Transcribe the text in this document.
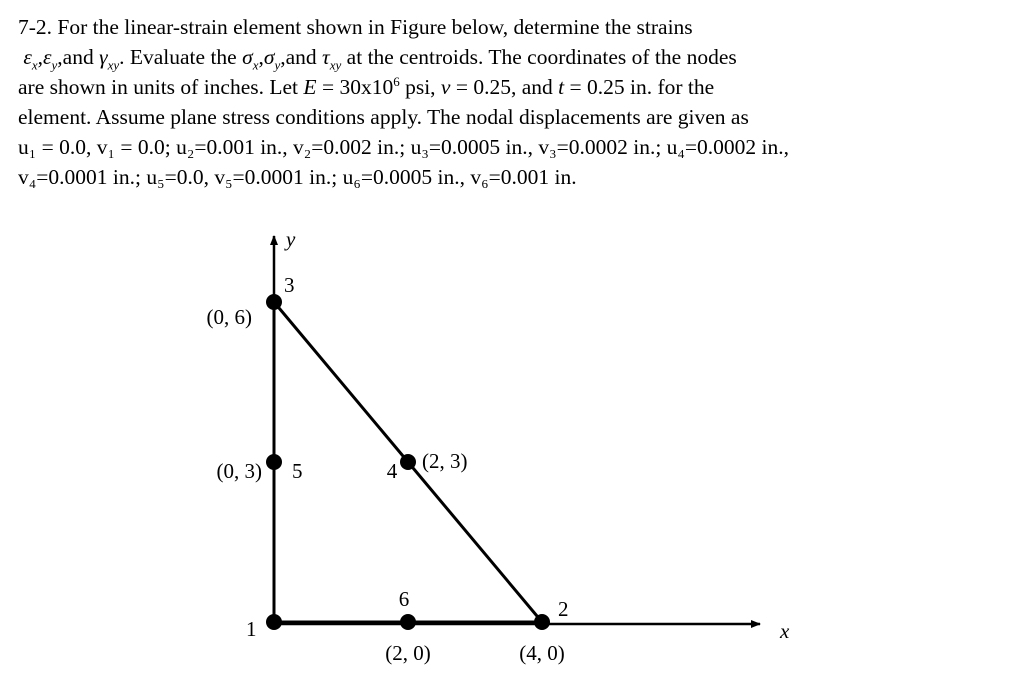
7-2. For the linear-strain element shown in Figure below, determine the strains

$\varepsilon_x,\varepsilon_y,and$ $\gamma_{xy}$. Evaluate the $\sigma_x,\sigma_y,and$ $\tau_{xy}$ at the centroids. The coordinates of the nodes

are shown in units of inches. Let $E = 30x10^6$ psi, v = 0.25, and t = 0.25 in. for the

element. Assume plane stress conditions apply. The nodal displacements are given as

u₁ = 0.0, v₁ = 0.0; u₂=0.001 in., v₂=0.002 in.; u₃=0.0005 in., v₃=0.0002 in.; u₄=0.0002 in.,

v₄=0.0001 in.; u₅=0.0, v₅=0.0001 in.; u₆=0.0005 in., v₆=0.001 in.

x
y
1
2
(4, 0)
3
(0, 6)
4 (2, 3)
5
(0, 3)
6
(2, 0)
